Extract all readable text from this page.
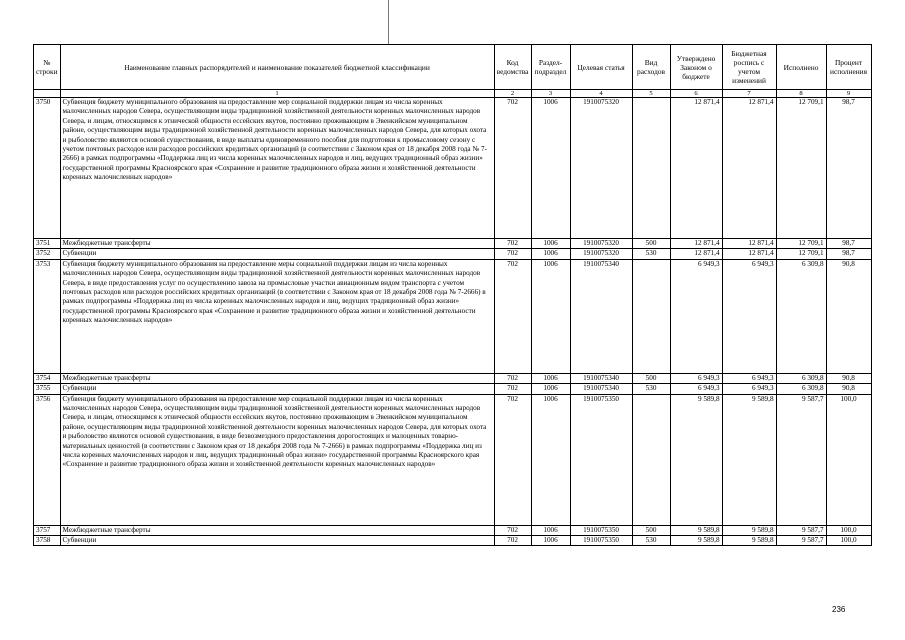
№ строки	Наименование главных распорядителей и наименование показателей бюджетной классификации	Код ведомства	Раздел-подраздел	Целевая статья	Вид расходов	Утверждено Законом о бюджете	Бюджетная роспись с учетом изменений	Исполнено	Процент исполнения
	1	2	3	4	5	6	7	8	9
3750	Субвенция бюджету муниципального образования на предоставление мер социальной поддержки лицам из числа коренных малочисленных народов Севера, осуществляющим виды традиционной хозяйственной деятельности коренных малочисленных народов Севера, и лицам, относящимся к этнической общности ессейских якутов, постоянно проживающим в Эвенкийском муниципальном районе, осуществляющим виды традиционной хозяйственной деятельности коренных малочисленных народов Севера, для которых охота и рыболовство являются основой существования, в виде выплаты единовременного пособия для подготовки к промысловому сезону с учетом почтовых расходов или расходов российских кредитных организаций (в соответствии с Законом края от 18 декабря 2008 года № 7-2666) в рамках подпрограммы «Поддержка лиц из числа коренных малочисленных народов и лиц, ведущих традиционный образ жизни» государственной программы Красноярского края «Сохранение и развитие традиционного образа жизни и хозяйственной деятельности коренных малочисленных народов»	702	1006	1910075320		12 871,4	12 871,4	12 709,1	98,7
3751	Межбюджетные трансферты	702	1006	1910075320	500	12 871,4	12 871,4	12 709,1	98,7
3752	Субвенции	702	1006	1910075320	530	12 871,4	12 871,4	12 709,1	98,7
3753	Субвенция бюджету муниципального образования на предоставление меры социальной поддержки лицам из числа коренных малочисленных народов Севера, осуществляющим виды традиционной хозяйственной деятельности коренных малочисленных народов Севера, в виде предоставления услуг по осуществлению завоза на промысловые участки авиационным видом транспорта с учетом почтовых расходов или расходов российских кредитных организаций (в соответствии с Законом края от 18 декабря 2008 года № 7-2666) в рамках подпрограммы «Поддержка лиц из числа коренных малочисленных народов и лиц, ведущих традиционный образ жизни» государственной программы Красноярского края «Сохранение и развитие традиционного образа жизни и хозяйственной деятельности коренных малочисленных народов»	702	1006	1910075340		6 949,3	6 949,3	6 309,8	90,8
3754	Межбюджетные трансферты	702	1006	1910075340	500	6 949,3	6 949,3	6 309,8	90,8
3755	Субвенции	702	1006	1910075340	530	6 949,3	6 949,3	6 309,8	90,8
3756	Субвенция бюджету муниципального образования на предоставление мер социальной поддержки лицам из числа коренных малочисленных народов Севера, осуществляющим виды традиционной хозяйственной деятельности коренных малочисленных народов Севера, и лицам, относящимся к этнической общности ессейских якутов, постоянно проживающим в Эвенкийском муниципальном районе, осуществляющим виды традиционной хозяйственной деятельности коренных малочисленных народов Севера, для которых охота и рыболовство являются основой существования, в виде безвозмездного предоставления дорогостоящих и малоценных товарно-материальных ценностей (в соответствии с Законом края от 18 декабря 2008 года № 7-2666) в рамках подпрограммы «Поддержка лиц из числа коренных малочисленных народов и лиц, ведущих традиционный образ жизни» государственной программы Красноярского края «Сохранение и развитие традиционного образа жизни и хозяйственной деятельности коренных малочисленных народов»	702	1006	1910075350		9 589,8	9 589,8	9 587,7	100,0
3757	Межбюджетные трансферты	702	1006	1910075350	500	9 589,8	9 589,8	9 587,7	100,0
3758	Субвенции	702	1006	1910075350	530	9 589,8	9 589,8	9 587,7	100,0
236
